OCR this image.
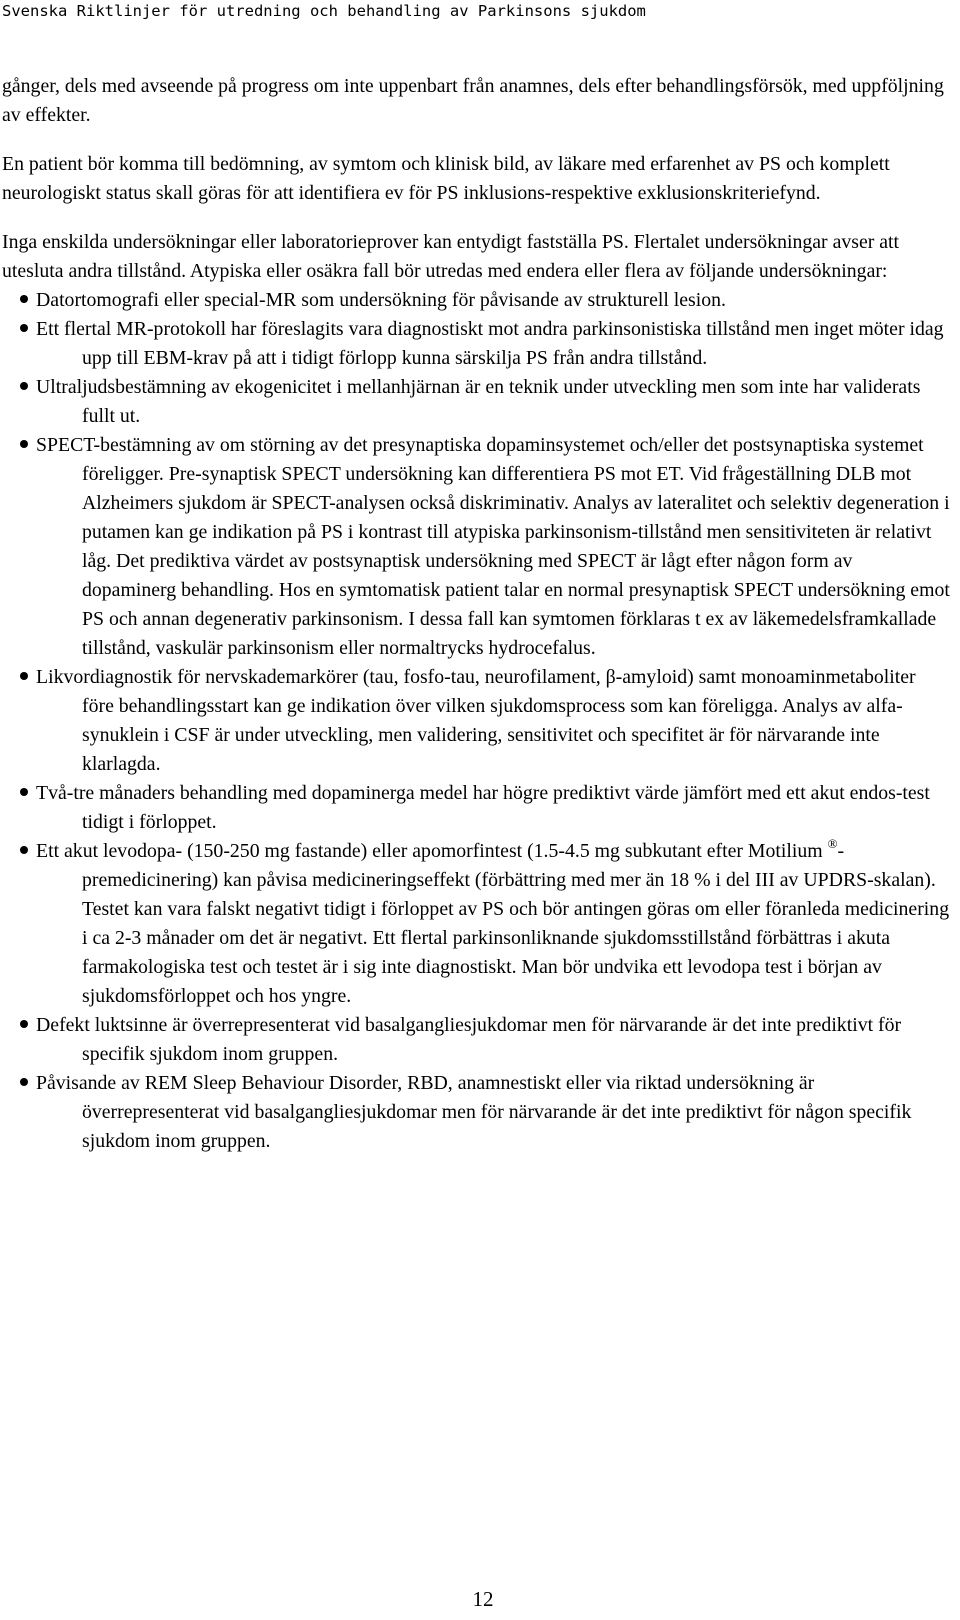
Svenska Riktlinjer för utredning och behandling av Parkinsons sjukdom

gånger, dels med avseende på progress om inte uppenbart från anamnes, dels efter behandlingsförsök, med uppföljning av effekter.

En patient bör komma till bedömning, av symtom och klinisk bild, av läkare med erfarenhet av PS och komplett neurologiskt status skall göras för att identifiera ev för PS inklusions-respektive exklusionskriteriefynd.

Inga enskilda undersökningar eller laboratorieprover kan entydigt fastställa PS. Flertalet undersökningar avser att utesluta andra tillstånd. Atypiska eller osäkra fall bör utredas med endera eller flera av följande undersökningar:

Datortomografi eller special-MR som undersökning för påvisande av strukturell lesion.
Ett flertal MR-protokoll har föreslagits vara diagnostiskt mot andra parkinsonistiska tillstånd men inget möter idag upp till EBM-krav på att i tidigt förlopp kunna särskilja PS från andra tillstånd.
Ultraljudsbestämning av ekogenicitet i mellanhjärnan är en teknik under utveckling men som inte har validerats fullt ut.
SPECT-bestämning av om störning av det presynaptiska dopaminsystemet och/eller det postsynaptiska systemet föreligger. Pre-synaptisk SPECT undersökning kan differentiera PS mot ET. Vid frågeställning DLB mot Alzheimers sjukdom är SPECT-analysen också diskriminativ. Analys av lateralitet och selektiv degeneration i putamen kan ge indikation på PS i kontrast till atypiska parkinsonism-tillstånd men sensitiviteten är relativt låg. Det prediktiva värdet av postsynaptisk undersökning med SPECT är lågt efter någon form av dopaminerg behandling. Hos en symtomatisk patient talar en normal presynaptisk SPECT undersökning emot PS och annan degenerativ parkinsonism. I dessa fall kan symtomen förklaras t ex av läkemedelsframkallade tillstånd, vaskulär parkinsonism eller normaltrycks hydrocefalus.
Likvordiagnostik för nervskademarkörer (tau, fosfo-tau, neurofilament, β-amyloid) samt monoaminmetaboliter före behandlingsstart kan ge indikation över vilken sjukdomsprocess som kan föreligga. Analys av alfa-synuklein i CSF är under utveckling, men validering, sensitivitet och specifitet är för närvarande inte klarlagda.
Två-tre månaders behandling med dopaminerga medel har högre prediktivt värde jämfört med ett akut endos-test tidigt i förloppet.
Ett akut levodopa- (150-250 mg fastande) eller apomorfintest (1.5-4.5 mg subkutant efter Motilium ®-premedicinering) kan påvisa medicineringseffekt (förbättring med mer än 18 % i del III av UPDRS-skalan). Testet kan vara falskt negativt tidigt i förloppet av PS och bör antingen göras om eller föranleda medicinering i ca 2-3 månader om det är negativt. Ett flertal parkinsonliknande sjukdomsstillstånd förbättras i akuta farmakologiska test och testet är i sig inte diagnostiskt. Man bör undvika ett levodopa test i början av sjukdomsförloppet och hos yngre.
Defekt luktsinne är överrepresenterat vid basalgangliesjukdomar men för närvarande är det inte prediktivt för specifik sjukdom inom gruppen.
Påvisande av REM Sleep Behaviour Disorder, RBD, anamnestiskt eller via riktad undersökning är överrepresenterat vid basalgangliesjukdomar men för närvarande är det inte prediktivt för någon specifik sjukdom inom gruppen.
12
